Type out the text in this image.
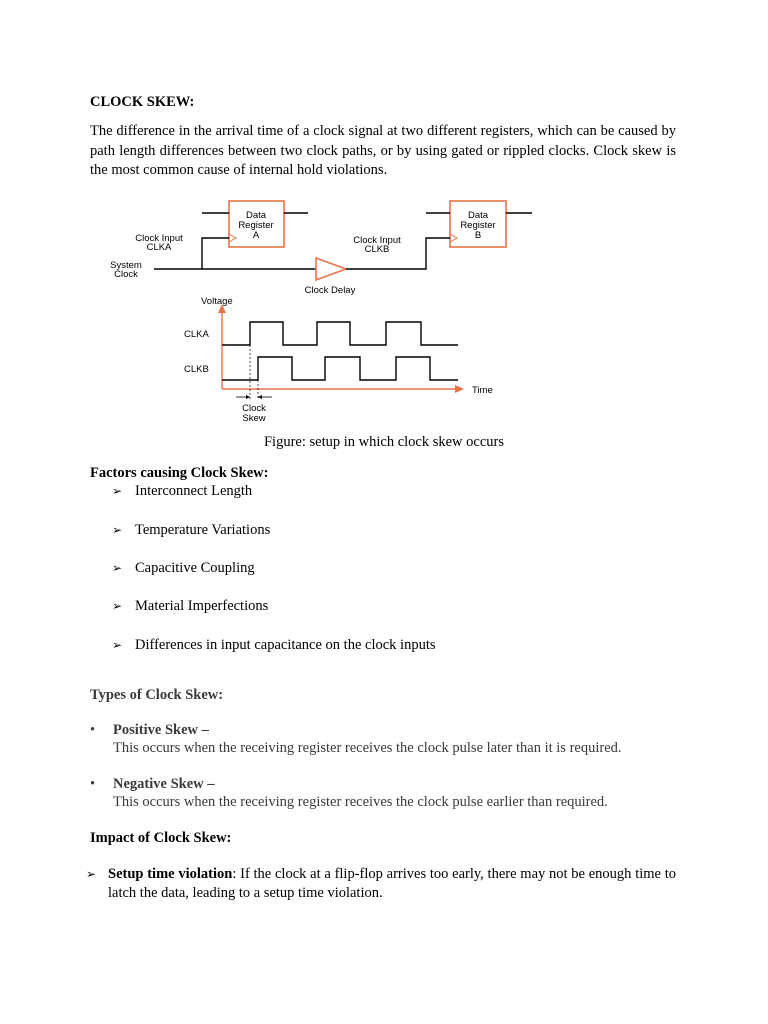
CLOCK SKEW:
The difference in the arrival time of a clock signal at two different registers, which can be caused by path length differences between two clock paths, or by using gated or rippled clocks. Clock skew is the most common cause of internal hold violations.
Data
Register
A
Data
Register
B
Clock Input
CLKA
Clock Input
CLKB
System
Clock
Clock Delay
Voltage
CLKA
CLKB
Time
Clock
Skew
Figure: setup in which clock skew occurs
Factors causing Clock Skew:
➢ Interconnect Length
➢ Temperature Variations
➢ Capacitive Coupling
➢ Material Imperfections
➢ Differences in input capacitance on the clock inputs
Types of Clock Skew:
• Positive Skew –
This occurs when the receiving register receives the clock pulse later than it is required.
• Negative Skew –
This occurs when the receiving register receives the clock pulse earlier than required.
Impact of Clock Skew:
➢ Setup time violation: If the clock at a flip-flop arrives too early, there may not be enough time to latch the data, leading to a setup time violation.
